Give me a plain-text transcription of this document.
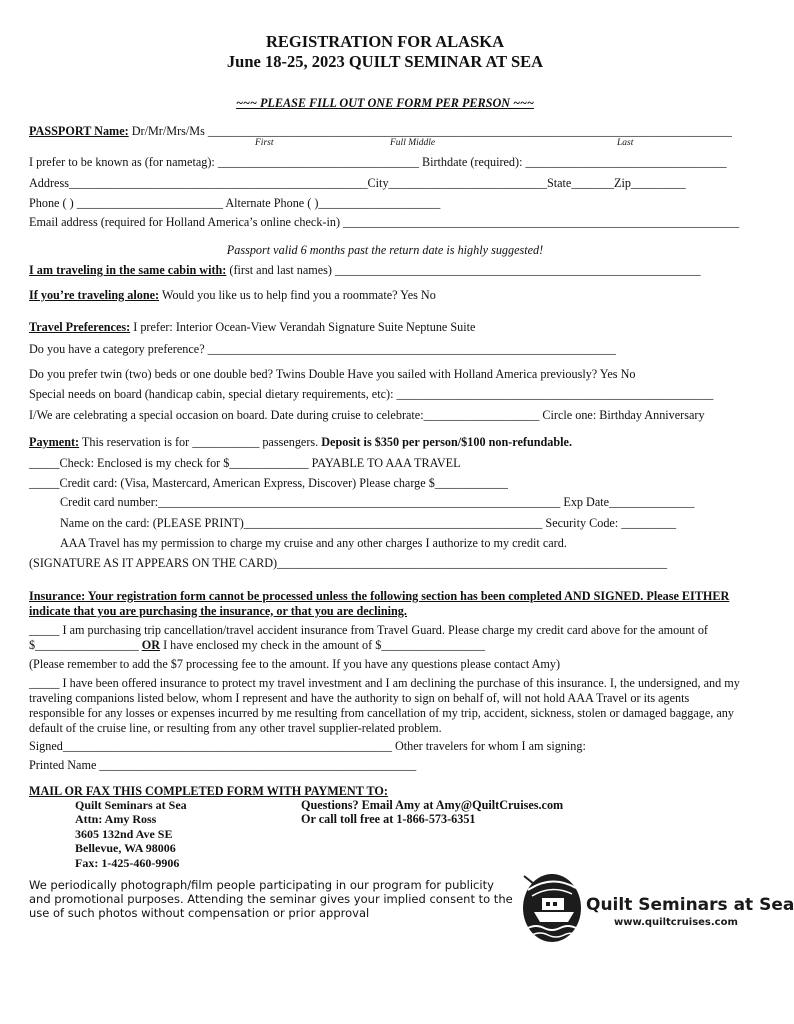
REGISTRATION FOR ALASKA
June 18-25, 2023 QUILT SEMINAR AT SEA
~~~ PLEASE FILL OUT ONE FORM PER PERSON ~~~
PASSPORT Name: Dr/Mr/Mrs/Ms ______________________________________________________________________________________
First	Full Middle	Last
I prefer to be known as (for nametag): _________________________________ Birthdate (required): _________________________________
Address_________________________________________________City__________________________State_______Zip_________
Phone ( ) ________________________ Alternate Phone ( )____________________
Email address (required for Holland America’s online check-in) _________________________________________________________________
Passport valid 6 months past the return date is highly suggested!
I am traveling in the same cabin with: (first and last names) ____________________________________________________________
If you’re traveling alone: Would you like us to help find you a roommate? Yes No
Travel Preferences: I prefer: Interior Ocean-View Verandah Signature Suite Neptune Suite
Do you have a category preference? ___________________________________________________________________
Do you prefer twin (two) beds or one double bed? Twins Double Have you sailed with Holland America previously? Yes No
Special needs on board (handicap cabin, special dietary requirements, etc): ____________________________________________________
I/We are celebrating a special occasion on board. Date during cruise to celebrate:___________________ Circle one: Birthday Anniversary
Payment: This reservation is for ___________ passengers. Deposit is $350 per person/$100 non-refundable.
_____Check: Enclosed is my check for $_____________ PAYABLE TO AAA TRAVEL
_____Credit card: (Visa, Mastercard, American Express, Discover) Please charge $____________
Credit card number:__________________________________________________________________ Exp Date______________
Name on the card: (PLEASE PRINT)_________________________________________________ Security Code: _________
AAA Travel has my permission to charge my cruise and any other charges I authorize to my credit card.
(SIGNATURE AS IT APPEARS ON THE CARD)________________________________________________________________
Insurance: Your registration form cannot be processed unless the following section has been completed AND SIGNED. Please EITHER indicate that you are purchasing the insurance, or that you are declining.
_____ I am purchasing trip cancellation/travel accident insurance from Travel Guard. Please charge my credit card above for the amount of $_________________ OR I have enclosed my check in the amount of $_________________
(Please remember to add the $7 processing fee to the amount. If you have any questions please contact Amy)
_____ I have been offered insurance to protect my travel investment and I am declining the purchase of this insurance. I, the undersigned, and my traveling companions listed below, whom I represent and have the authority to sign on behalf of, will not hold AAA Travel or its agents responsible for any losses or expenses incurred by me resulting from cancellation of my trip, accident, sickness, stolen or damaged baggage, any default of the cruise line, or resulting from any other travel supplier-related problem.
Signed______________________________________________________ Other travelers for whom I am signing:
Printed Name ____________________________________________________
MAIL OR FAX THIS COMPLETED FORM WITH PAYMENT TO:
Quilt Seminars at Sea
Attn: Amy Ross
3605 132nd Ave SE
Bellevue, WA 98006
Fax: 1-425-460-9906
Questions? Email Amy at Amy@QuiltCruises.com
Or call toll free at 1-866-573-6351
We periodically photograph/film people participating in our program for publicity and promotional purposes. Attending the seminar gives your implied consent to the use of such photos without compensation or prior approval	Quilt Seminars at Sea
www.quiltcruises.com
